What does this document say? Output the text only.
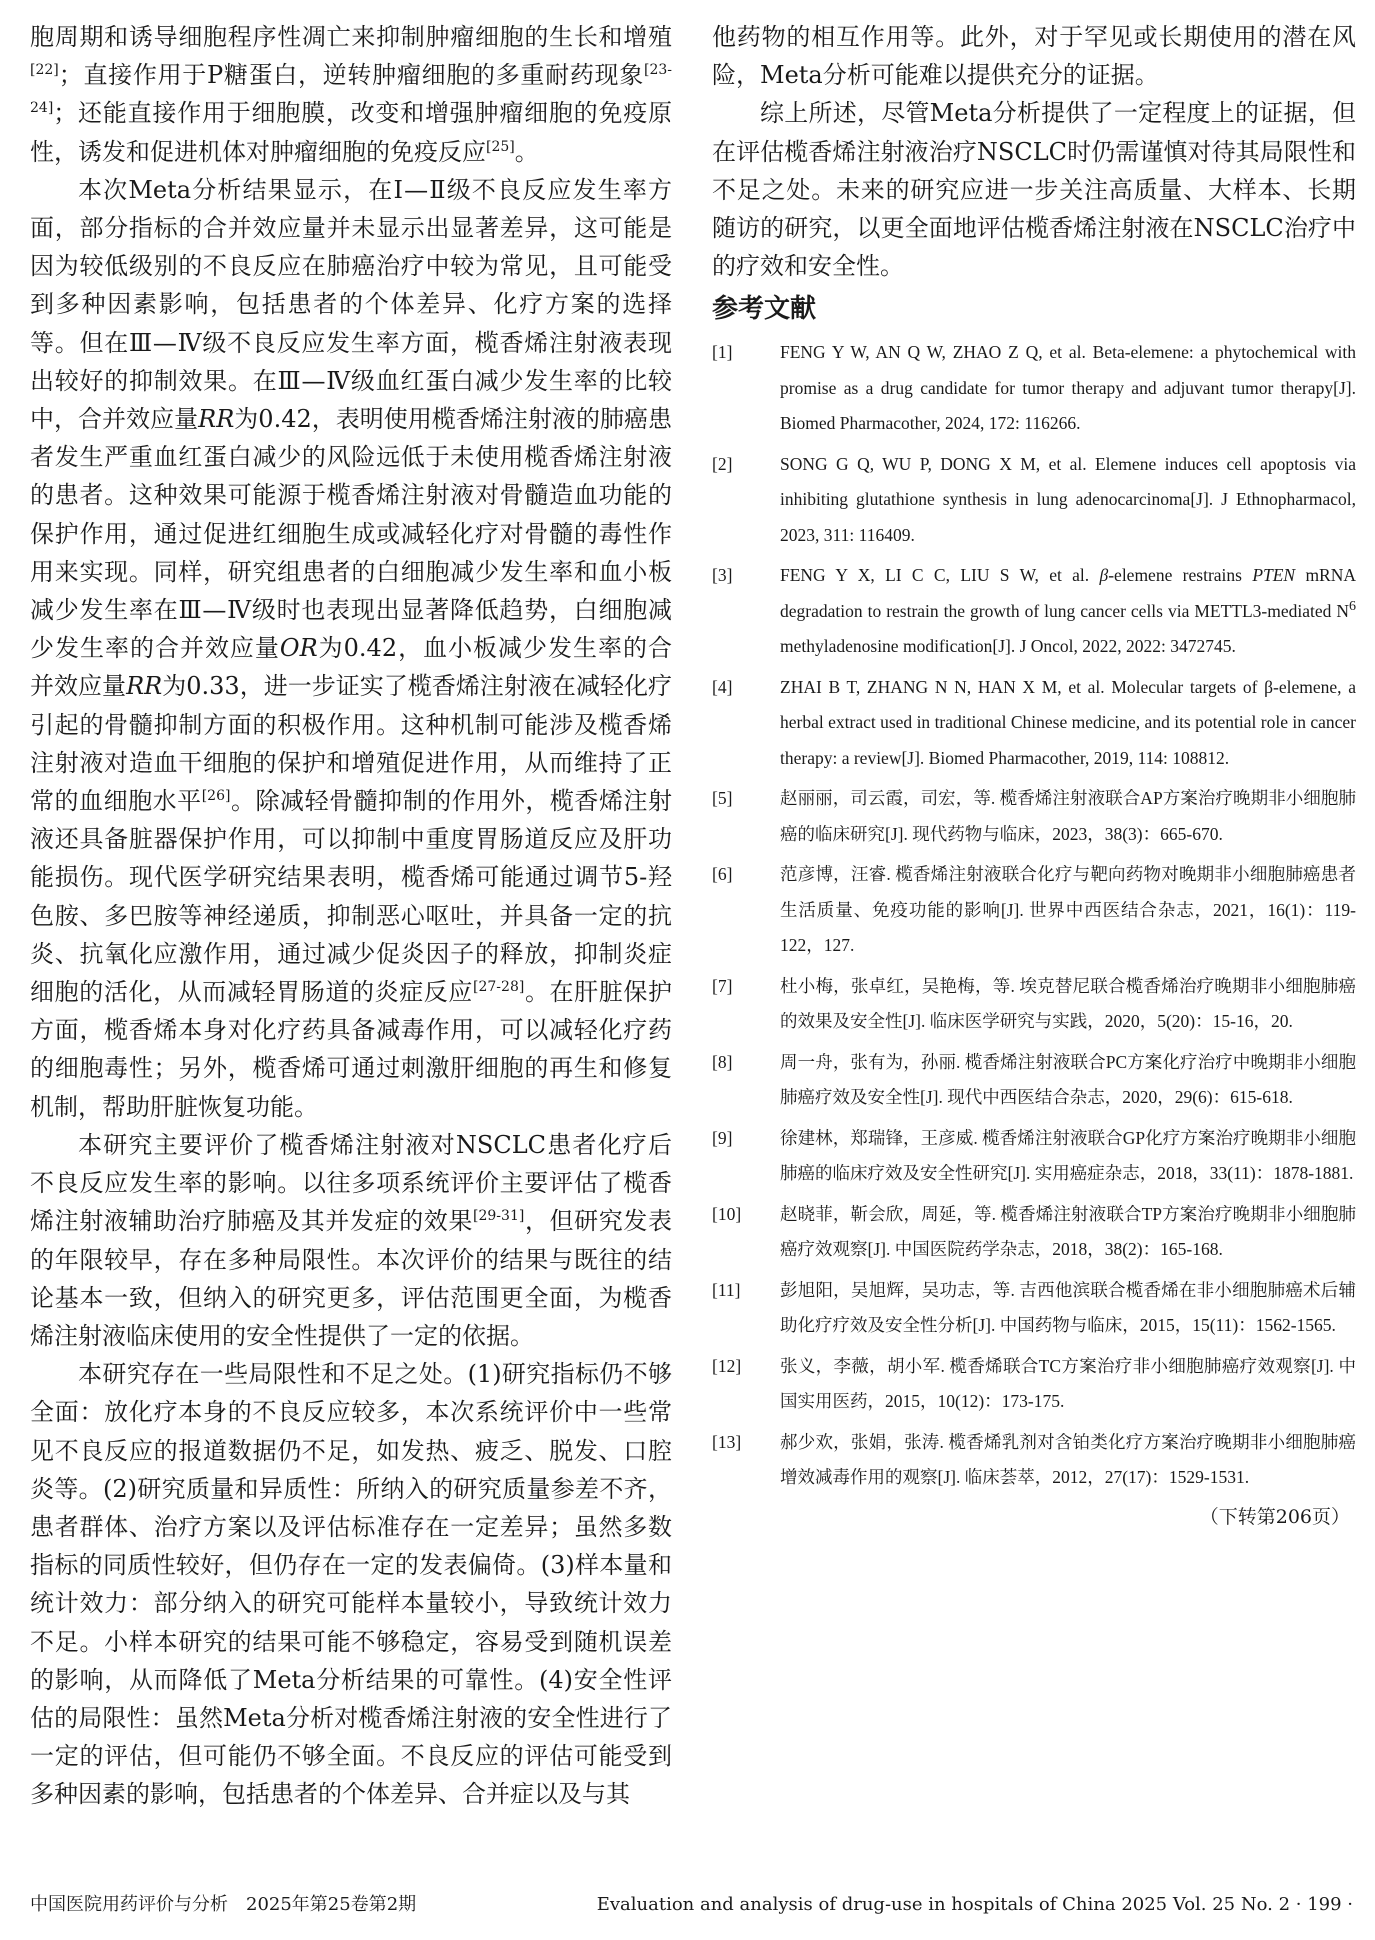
胞周期和诱导细胞程序性凋亡来抑制肿瘤细胞的生长和增殖[22]；直接作用于P糖蛋白，逆转肿瘤细胞的多重耐药现象[23-24]；还能直接作用于细胞膜，改变和增强肿瘤细胞的免疫原性，诱发和促进机体对肿瘤细胞的免疫反应[25]。

本次Meta分析结果显示，在Ⅰ—Ⅱ级不良反应发生率方面，部分指标的合并效应量并未显示出显著差异，这可能是因为较低级别的不良反应在肺癌治疗中较为常见，且可能受到多种因素影响，包括患者的个体差异、化疗方案的选择等。但在Ⅲ—Ⅳ级不良反应发生率方面，榄香烯注射液表现出较好的抑制效果。在Ⅲ—Ⅳ级血红蛋白减少发生率的比较中，合并效应量RR为0.42，表明使用榄香烯注射液的肺癌患者发生严重血红蛋白减少的风险远低于未使用榄香烯注射液的患者。这种效果可能源于榄香烯注射液对骨髓造血功能的保护作用，通过促进红细胞生成或减轻化疗对骨髓的毒性作用来实现。同样，研究组患者的白细胞减少发生率和血小板减少发生率在Ⅲ—Ⅳ级时也表现出显著降低趋势，白细胞减少发生率的合并效应量OR为0.42，血小板减少发生率的合并效应量RR为0.33，进一步证实了榄香烯注射液在减轻化疗引起的骨髓抑制方面的积极作用。这种机制可能涉及榄香烯注射液对造血干细胞的保护和增殖促进作用，从而维持了正常的血细胞水平[26]。除减轻骨髓抑制的作用外，榄香烯注射液还具备脏器保护作用，可以抑制中重度胃肠道反应及肝功能损伤。现代医学研究结果表明，榄香烯可能通过调节5-羟色胺、多巴胺等神经递质，抑制恶心呕吐，并具备一定的抗炎、抗氧化应激作用，通过减少促炎因子的释放，抑制炎症细胞的活化，从而减轻胃肠道的炎症反应[27-28]。在肝脏保护方面，榄香烯本身对化疗药具备减毒作用，可以减轻化疗药的细胞毒性；另外，榄香烯可通过刺激肝细胞的再生和修复机制，帮助肝脏恢复功能。

本研究主要评价了榄香烯注射液对NSCLC患者化疗后不良反应发生率的影响。以往多项系统评价主要评估了榄香烯注射液辅助治疗肺癌及其并发症的效果[29-31]，但研究发表的年限较早，存在多种局限性。本次评价的结果与既往的结论基本一致，但纳入的研究更多，评估范围更全面，为榄香烯注射液临床使用的安全性提供了一定的依据。

本研究存在一些局限性和不足之处。(1)研究指标仍不够全面：放化疗本身的不良反应较多，本次系统评价中一些常见不良反应的报道数据仍不足，如发热、疲乏、脱发、口腔炎等。(2)研究质量和异质性：所纳入的研究质量参差不齐，患者群体、治疗方案以及评估标准存在一定差异；虽然多数指标的同质性较好，但仍存在一定的发表偏倚。(3)样本量和统计效力：部分纳入的研究可能样本量较小，导致统计效力不足。小样本研究的结果可能不够稳定，容易受到随机误差的影响，从而降低了Meta分析结果的可靠性。(4)安全性评估的局限性：虽然Meta分析对榄香烯注射液的安全性进行了一定的评估，但可能仍不够全面。不良反应的评估可能受到多种因素的影响，包括患者的个体差异、合并症以及与其

他药物的相互作用等。此外，对于罕见或长期使用的潜在风险，Meta分析可能难以提供充分的证据。

综上所述，尽管Meta分析提供了一定程度上的证据，但在评估榄香烯注射液治疗NSCLC时仍需谨慎对待其局限性和不足之处。未来的研究应进一步关注高质量、大样本、长期随访的研究，以更全面地评估榄香烯注射液在NSCLC治疗中的疗效和安全性。

参考文献
[1]	FENG Y W, AN Q W, ZHAO Z Q, et al. Beta-elemene: a phytochemical with promise as a drug candidate for tumor therapy and adjuvant tumor therapy[J]. Biomed Pharmacother, 2024, 172: 116266.
[2]	SONG G Q, WU P, DONG X M, et al. Elemene induces cell apoptosis via inhibiting glutathione synthesis in lung adenocarcinoma[J]. J Ethnopharmacol, 2023, 311: 116409.
[3]	FENG Y X, LI C C, LIU S W, et al. β-elemene restrains PTEN mRNA degradation to restrain the growth of lung cancer cells via METTL3-mediated $N^6$ methyladenosine modification[J]. J Oncol, 2022, 2022: 3472745.
[4]	ZHAI B T, ZHANG N N, HAN X M, et al. Molecular targets of β-elemene, a herbal extract used in traditional Chinese medicine, and its potential role in cancer therapy: a review[J]. Biomed Pharmacother, 2019, 114: 108812.
[5]	赵丽丽，司云霞，司宏，等. 榄香烯注射液联合AP方案治疗晚期非小细胞肺癌的临床研究[J]. 现代药物与临床，2023，38(3)：665-670.
[6]	范彦博，汪睿. 榄香烯注射液联合化疗与靶向药物对晚期非小细胞肺癌患者生活质量、免疫功能的影响[J]. 世界中西医结合杂志，2021，16(1)：119-122，127.
[7]	杜小梅，张卓红，吴艳梅，等. 埃克替尼联合榄香烯治疗晚期非小细胞肺癌的效果及安全性[J]. 临床医学研究与实践，2020，5(20)：15-16，20.
[8]	周一舟，张有为，孙丽. 榄香烯注射液联合PC方案化疗治疗中晚期非小细胞肺癌疗效及安全性[J]. 现代中西医结合杂志，2020，29(6)：615-618.
[9]	徐建林，郑瑞锋，王彦威. 榄香烯注射液联合GP化疗方案治疗晚期非小细胞肺癌的临床疗效及安全性研究[J]. 实用癌症杂志，2018，33(11)：1878-1881.
[10]	赵晓菲，靳会欣，周延，等. 榄香烯注射液联合TP方案治疗晚期非小细胞肺癌疗效观察[J]. 中国医院药学杂志，2018，38(2)：165-168.
[11]	彭旭阳，吴旭辉，吴功志，等. 吉西他滨联合榄香烯在非小细胞肺癌术后辅助化疗疗效及安全性分析[J]. 中国药物与临床，2015，15(11)：1562-1565.
[12]	张义，李薇，胡小军. 榄香烯联合TC方案治疗非小细胞肺癌疗效观察[J]. 中国实用医药，2015，10(12)：173-175.
[13]	郝少欢，张娟，张涛. 榄香烯乳剂对含铂类化疗方案治疗晚期非小细胞肺癌增效减毒作用的观察[J]. 临床荟萃，2012，27(17)：1529-1531.
（下转第206页）
中国医院用药评价与分析　2025年第25卷第2期	Evaluation and analysis of drug-use in hospitals of China 2025 Vol. 25 No. 2 · 199 ·
